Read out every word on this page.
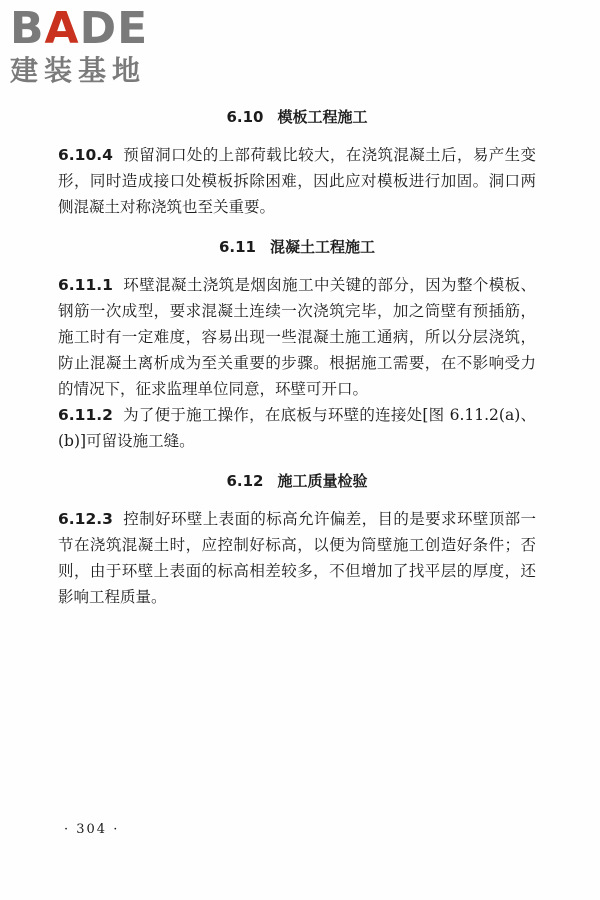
BADE
建装基地
6.10 模板工程施工

6.10.4 预留洞口处的上部荷载比较大，在浇筑混凝土后，易产生变形，同时造成接口处模板拆除困难，因此应对模板进行加固。洞口两侧混凝土对称浇筑也至关重要。

6.11 混凝土工程施工

6.11.1 环壁混凝土浇筑是烟囱施工中关键的部分，因为整个模板、钢筋一次成型，要求混凝土连续一次浇筑完毕，加之筒壁有预插筋，施工时有一定难度，容易出现一些混凝土施工通病，所以分层浇筑，防止混凝土离析成为至关重要的步骤。根据施工需要，在不影响受力的情况下，征求监理单位同意，环壁可开口。

6.11.2 为了便于施工操作，在底板与环壁的连接处[图 6.11.2(a)、(b)]可留设施工缝。

6.12 施工质量检验

6.12.3 控制好环壁上表面的标高允许偏差，目的是要求环壁顶部一节在浇筑混凝土时，应控制好标高，以便为筒壁施工创造好条件；否则，由于环壁上表面的标高相差较多，不但增加了找平层的厚度，还影响工程质量。

· 304 ·
